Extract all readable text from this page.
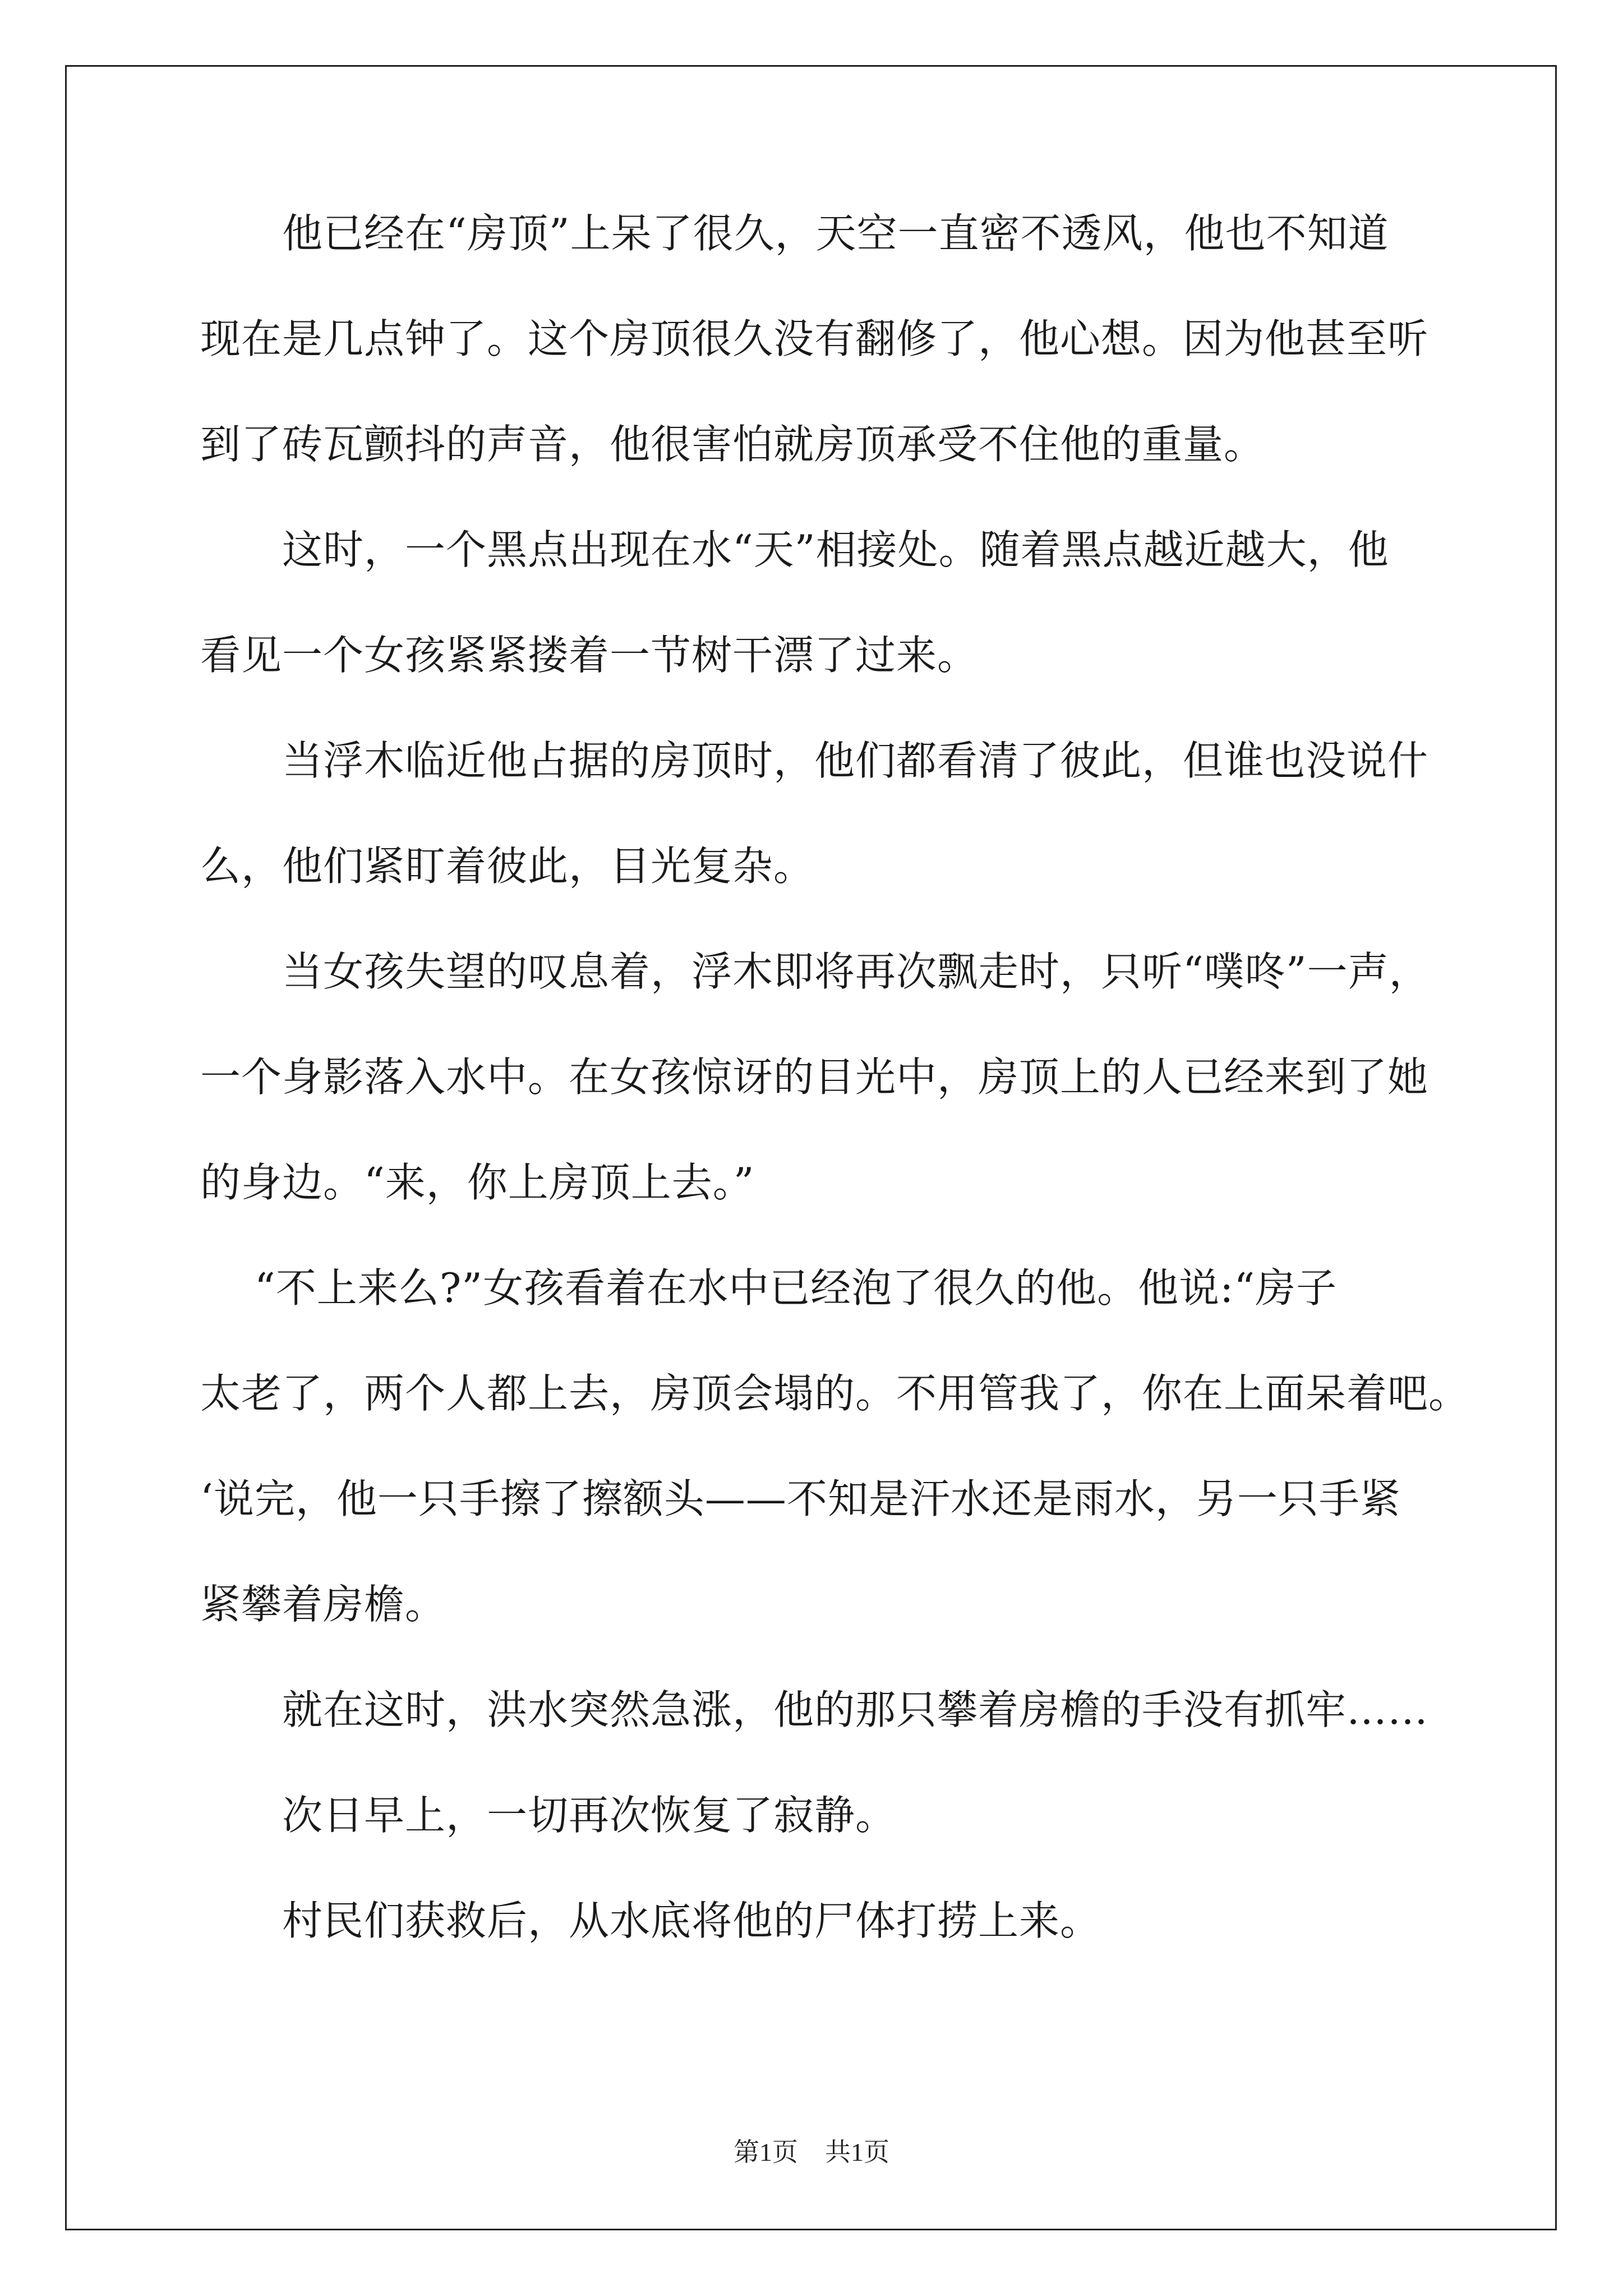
　　他已经在“房顶”上呆了很久，天空一直密不透风，他也不知道
现在是几点钟了。这个房顶很久没有翻修了，他心想。因为他甚至听
到了砖瓦颤抖的声音，他很害怕就房顶承受不住他的重量。
　　这时，一个黑点出现在水“天”相接处。随着黑点越近越大，他
看见一个女孩紧紧搂着一节树干漂了过来。
　　当浮木临近他占据的房顶时，他们都看清了彼此，但谁也没说什
么，他们紧盯着彼此，目光复杂。
　　当女孩失望的叹息着，浮木即将再次飘走时，只听“噗咚”一声，
一个身影落入水中。在女孩惊讶的目光中，房顶上的人已经来到了她
的身边。“来，你上房顶上去。”
　 “不上来么?”女孩看着在水中已经泡了很久的他。他说:“房子
太老了，两个人都上去，房顶会塌的。不用管我了，你在上面呆着吧。
‘说完，他一只手擦了擦额头——不知是汗水还是雨水，另一只手紧
紧攀着房檐。
　　就在这时，洪水突然急涨，他的那只攀着房檐的手没有抓牢……
　　次日早上，一切再次恢复了寂静。
　　村民们获救后，从水底将他的尸体打捞上来。
第1页 共1页
